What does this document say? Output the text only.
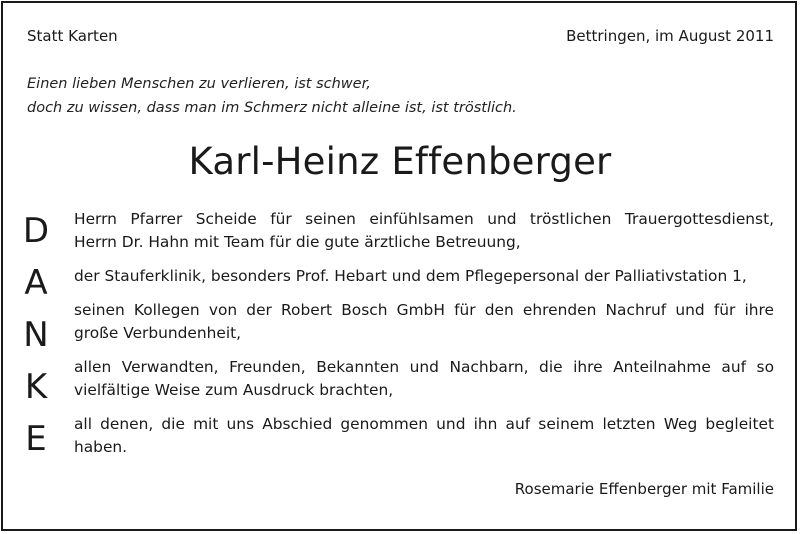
Statt Karten	Bettringen, im August 2011
Einen lieben Menschen zu verlieren, ist schwer,
doch zu wissen, dass man im Schmerz nicht alleine ist, ist tröstlich.
Karl-Heinz Effenberger
D
A
N
K
E
Herrn Pfarrer Scheide für seinen einfühlsamen und tröstlichen Trauergottesdienst,
Herrn Dr. Hahn mit Team für die gute ärztliche Betreuung,
der Stauferklinik, besonders Prof. Hebart und dem Pflegepersonal der Palliativstation 1,
seinen Kollegen von der Robert Bosch GmbH für den ehrenden Nachruf und für ihre
große Verbundenheit,
allen Verwandten, Freunden, Bekannten und Nachbarn, die ihre Anteilnahme auf so
vielfältige Weise zum Ausdruck brachten,
all denen, die mit uns Abschied genommen und ihn auf seinem letzten Weg begleitet
haben.
Rosemarie Effenberger mit Familie
